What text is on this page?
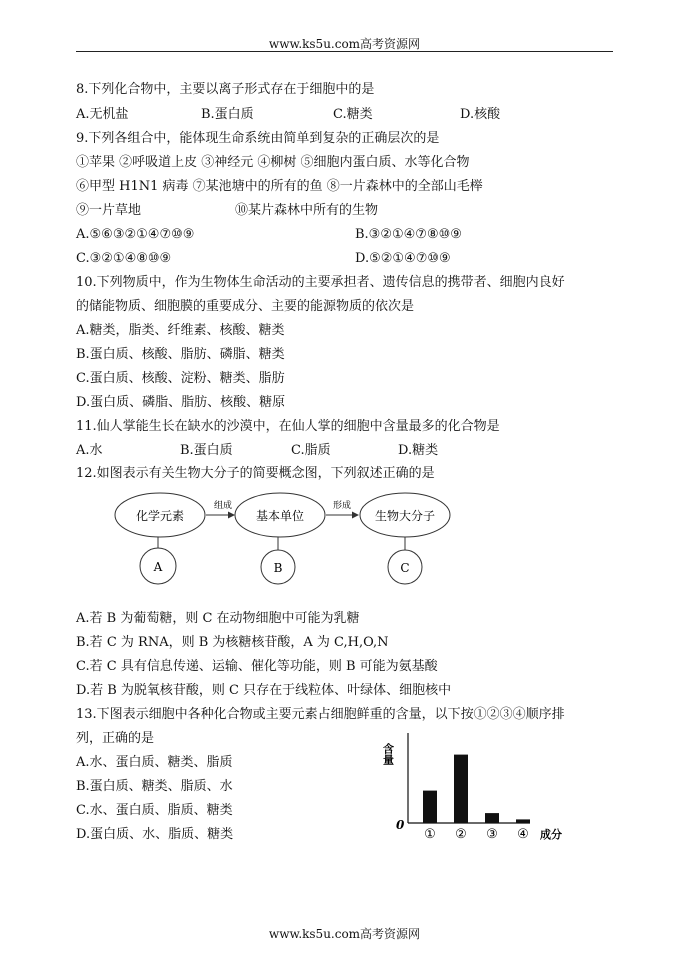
www.ks5u.com高考资源网
8.下列化合物中，主要以离子形式存在于细胞中的是
A.无机盐	B.蛋白质	C.糖类	D.核酸
9.下列各组合中，能体现生命系统由简单到复杂的正确层次的是
①苹果 ②呼吸道上皮 ③神经元 ④柳树 ⑤细胞内蛋白质、水等化合物
⑥甲型 H1N1 病毒 ⑦某池塘中的所有的鱼 ⑧一片森林中的全部山毛榉
⑨一片草地	⑩某片森林中所有的生物
A.⑤⑥③②①④⑦⑩⑨	B.③②①④⑦⑧⑩⑨
C.③②①④⑧⑩⑨	D.⑤②①④⑦⑩⑨
10.下列物质中，作为生物体生命活动的主要承担者、遗传信息的携带者、细胞内良好
的储能物质、细胞膜的重要成分、主要的能源物质的依次是
A.糖类，脂类、纤维素、核酸、糖类
B.蛋白质、核酸、脂肪、磷脂、糖类
C.蛋白质、核酸、淀粉、糖类、脂肪
D.蛋白质、磷脂、脂肪、核酸、糖原
11.仙人掌能生长在缺水的沙漠中，在仙人掌的细胞中含量最多的化合物是
A.水	B.蛋白质	C.脂质	D.糖类
12.如图表示有关生物大分子的简要概念图，下列叙述正确的是
化学元素	基本单位	生物大分子
组成	形成
A	B	C
A.若 B 为葡萄糖，则 C 在动物细胞中可能为乳糖
B.若 C 为 RNA，则 B 为核糖核苷酸，A 为 C,H,O,N
C.若 C 具有信息传递、运输、催化等功能，则 B 可能为氨基酸
D.若 B 为脱氧核苷酸，则 C 只存在于线粒体、叶绿体、细胞核中
13.下图表示细胞中各种化合物或主要元素占细胞鲜重的含量，以下按①②③④顺序排
列，正确的是
A.水、蛋白质、糖类、脂质
B.蛋白质、糖类、脂质、水
C.水、蛋白质、脂质、糖类
D.蛋白质、水、脂质、糖类
含量
0
成分
① ② ③ ④
www.ks5u.com高考资源网
